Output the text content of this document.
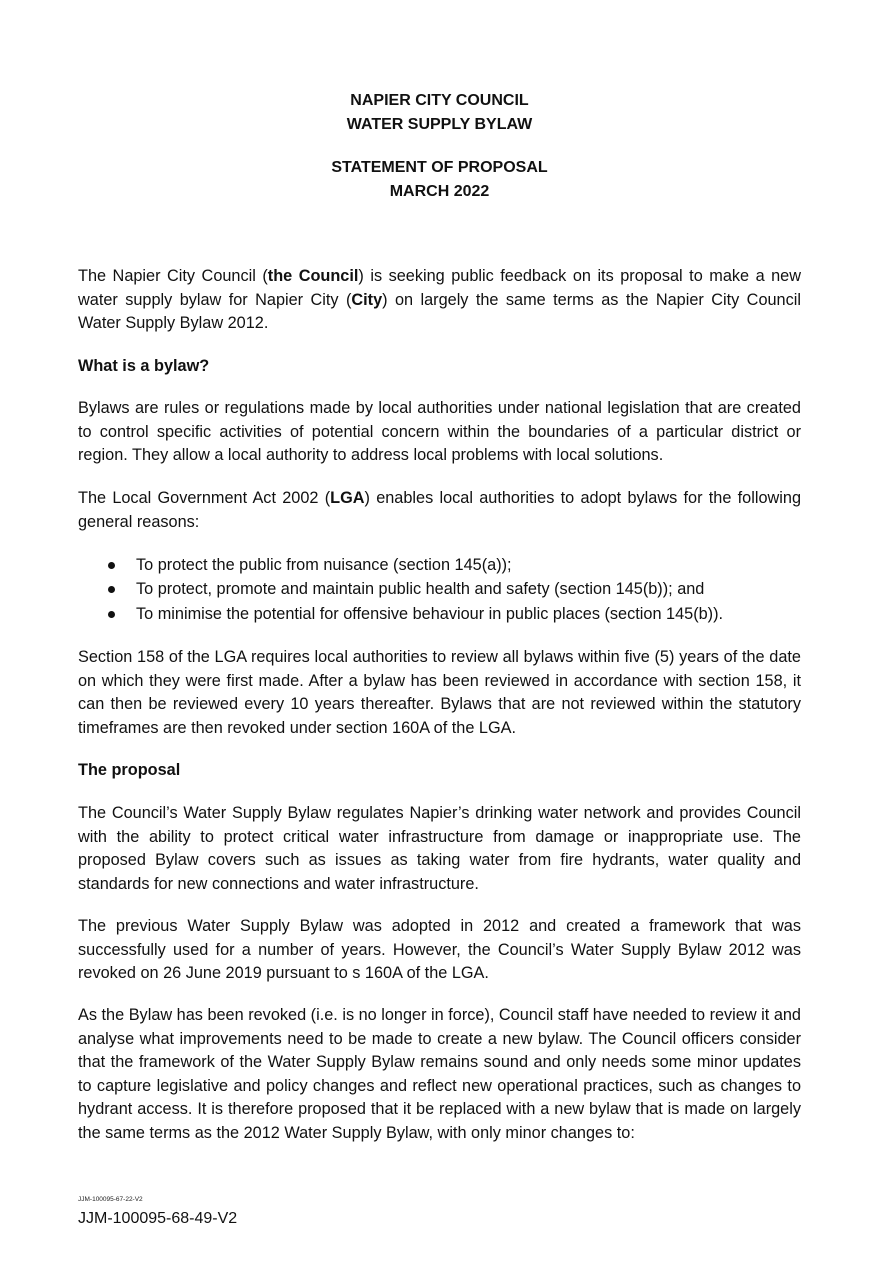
NAPIER CITY COUNCIL
WATER SUPPLY BYLAW
STATEMENT OF PROPOSAL
MARCH 2022
The Napier City Council (the Council) is seeking public feedback on its proposal to make a new water supply bylaw for Napier City (City) on largely the same terms as the Napier City Council Water Supply Bylaw 2012.
What is a bylaw?
Bylaws are rules or regulations made by local authorities under national legislation that are created to control specific activities of potential concern within the boundaries of a particular district or region. They allow a local authority to address local problems with local solutions.
The Local Government Act 2002 (LGA) enables local authorities to adopt bylaws for the following general reasons:
To protect the public from nuisance (section 145(a));
To protect, promote and maintain public health and safety (section 145(b)); and
To minimise the potential for offensive behaviour in public places (section 145(b)).
Section 158 of the LGA requires local authorities to review all bylaws within five (5) years of the date on which they were first made. After a bylaw has been reviewed in accordance with section 158, it can then be reviewed every 10 years thereafter. Bylaws that are not reviewed within the statutory timeframes are then revoked under section 160A of the LGA.
The proposal
The Council’s Water Supply Bylaw regulates Napier’s drinking water network and provides Council with the ability to protect critical water infrastructure from damage or inappropriate use. The proposed Bylaw covers such as issues as taking water from fire hydrants, water quality and standards for new connections and water infrastructure.
The previous Water Supply Bylaw was adopted in 2012 and created a framework that was successfully used for a number of years. However, the Council’s Water Supply Bylaw 2012 was revoked on 26 June 2019 pursuant to s 160A of the LGA.
As the Bylaw has been revoked (i.e. is no longer in force), Council staff have needed to review it and analyse what improvements need to be made to create a new bylaw. The Council officers consider that the framework of the Water Supply Bylaw remains sound and only needs some minor updates to capture legislative and policy changes and reflect new operational practices, such as changes to hydrant access. It is therefore proposed that it be replaced with a new bylaw that is made on largely the same terms as the 2012 Water Supply Bylaw, with only minor changes to:
JJM-100095-67-22-V2
JJM-100095-68-49-V2
